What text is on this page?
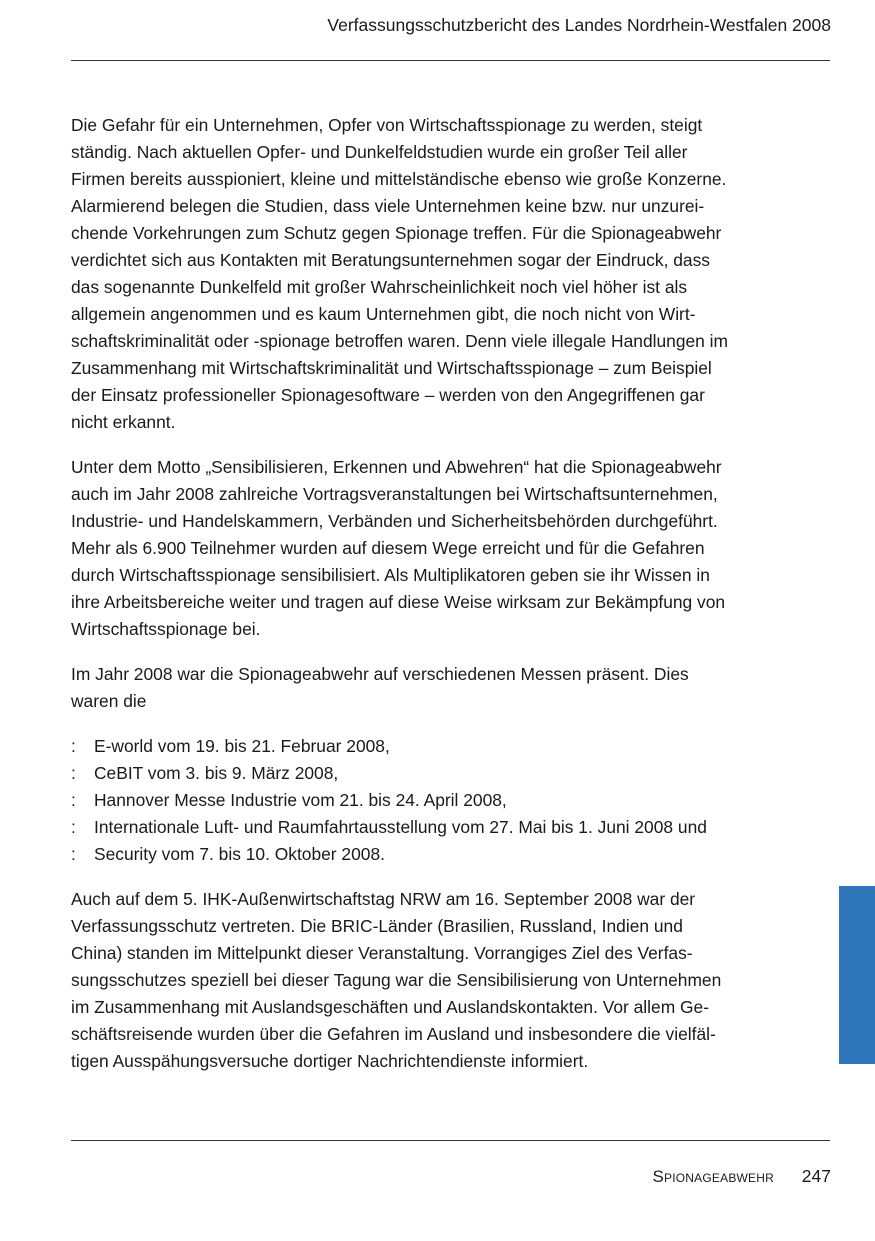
Verfassungsschutzbericht des Landes Nordrhein-Westfalen 2008

Die Gefahr für ein Unternehmen, Opfer von Wirtschaftsspionage zu werden, steigt
ständig. Nach aktuellen Opfer- und Dunkelfeldstudien wurde ein großer Teil aller
Firmen bereits ausspioniert, kleine und mittelständische ebenso wie große Konzerne.
Alarmierend belegen die Studien, dass viele Unternehmen keine bzw. nur unzurei-
chende Vorkehrungen zum Schutz gegen Spionage treffen. Für die Spionageabwehr
verdichtet sich aus Kontakten mit Beratungsunternehmen sogar der Eindruck, dass
das sogenannte Dunkelfeld mit großer Wahrscheinlichkeit noch viel höher ist als
allgemein angenommen und es kaum Unternehmen gibt, die noch nicht von Wirt-
schaftskriminalität oder -spionage betroffen waren. Denn viele illegale Handlungen im
Zusammenhang mit Wirtschaftskriminalität und Wirtschaftsspionage – zum Beispiel
der Einsatz professioneller Spionagesoftware – werden von den Angegriffenen gar
nicht erkannt.

Unter dem Motto „Sensibilisieren, Erkennen und Abwehren“ hat die Spionageabwehr
auch im Jahr 2008 zahlreiche Vortragsveranstaltungen bei Wirtschaftsunternehmen,
Industrie- und Handelskammern, Verbänden und Sicherheitsbehörden durchgeführt.
Mehr als 6.900 Teilnehmer wurden auf diesem Wege erreicht und für die Gefahren
durch Wirtschaftsspionage sensibilisiert. Als Multiplikatoren geben sie ihr Wissen in
ihre Arbeitsbereiche weiter und tragen auf diese Weise wirksam zur Bekämpfung von
Wirtschaftsspionage bei.

Im Jahr 2008 war die Spionageabwehr auf verschiedenen Messen präsent. Dies
waren die

:	E-world vom 19. bis 21. Februar 2008,
:	CeBIT vom 3. bis 9. März 2008,
:	Hannover Messe Industrie vom 21. bis 24. April 2008,
:	Internationale Luft- und Raumfahrtausstellung vom 27. Mai bis 1. Juni 2008 und
:	Security vom 7. bis 10. Oktober 2008.

Auch auf dem 5. IHK-Außenwirtschaftstag NRW am 16. September 2008 war der
Verfassungsschutz vertreten. Die BRIC-Länder (Brasilien, Russland, Indien und
China) standen im Mittelpunkt dieser Veranstaltung. Vorrangiges Ziel des Verfas-
sungsschutzes speziell bei dieser Tagung war die Sensibilisierung von Unternehmen
im Zusammenhang mit Auslandsgeschäften und Auslandskontakten. Vor allem Ge-
schäftsreisende wurden über die Gefahren im Ausland und insbesondere die vielfäl-
tigen Ausspähungsversuche dortiger Nachrichtendienste informiert.

Spionageabwehr 247
